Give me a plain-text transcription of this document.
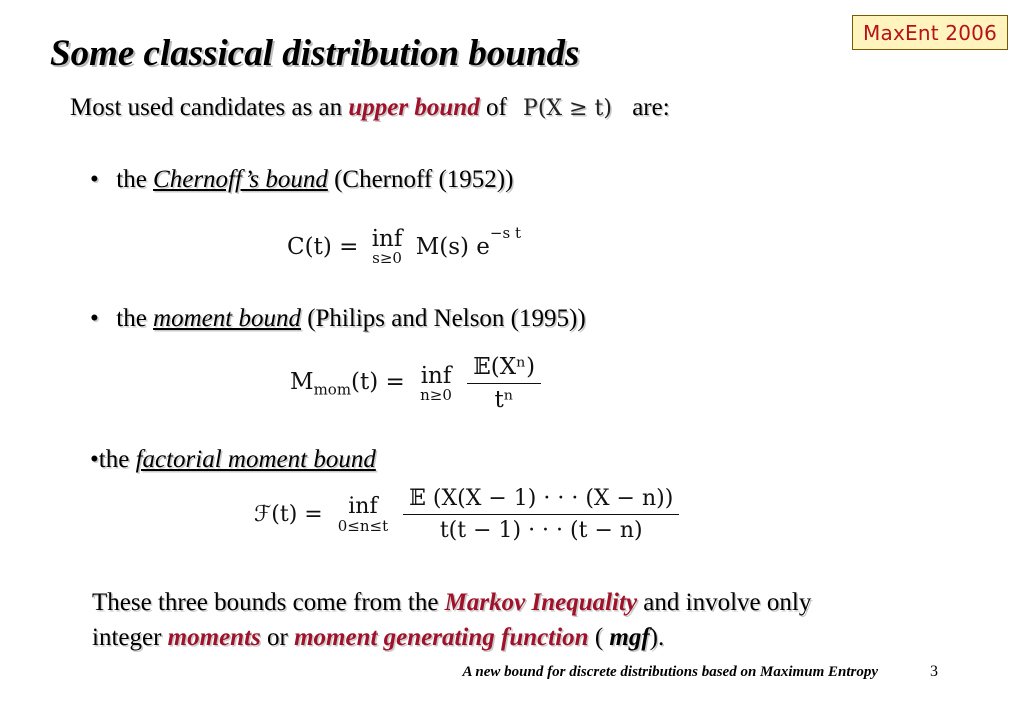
MaxEnt 2006
Some classical distribution bounds
Most used candidates as an upper bound of P(X ≥ t) are:
• the Chernoff’s bound (Chernoff (1952))
C(t) = inf
s≥0 M(s) $e^{-s t}$
• the moment bound (Philips and Nelson (1995))
$M_{mom}(t)$ = inf
n≥0
$\frac{\text{𝔼(Xⁿ)}}{\text{tⁿ}}$
•the factorial moment bound
ℱ(t) = inf
0≤n≤t
$\frac{\text{𝔼 (X(X − 1) · · · (X − n))}}{t(t - 1) \cdot \cdot \cdot (t - n)}$
These three bounds come from the Markov Inequality and involve only
integer moments or moment generating function ( mgf).
A new bound for discrete distributions based on Maximum Entropy	3
